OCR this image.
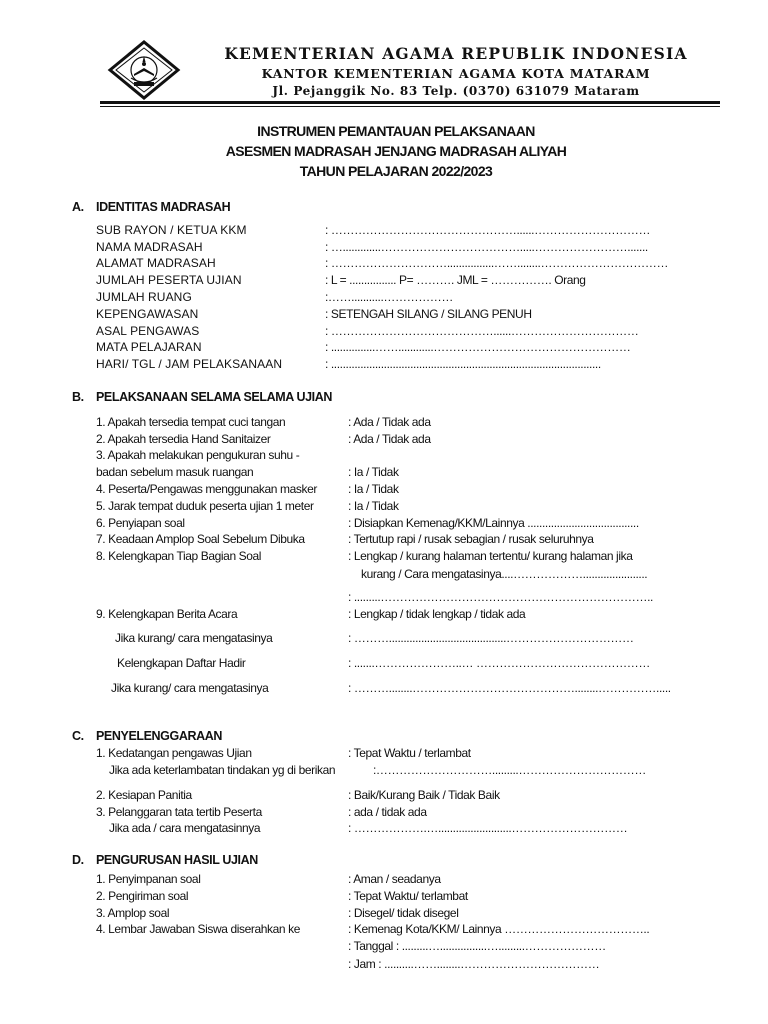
KEMENTERIAN AGAMA REPUBLIK INDONESIA
KANTOR KEMENTERIAN AGAMA KOTA MATARAM
Jl. Pejanggik No. 83 Telp. (0370) 631079 Mataram
INSTRUMEN PEMANTAUAN PELAKSANAAN
ASESMEN MADRASAH JENJANG MADRASAH ALIYAH
TAHUN PELAJARAN 2022/2023
A. IDENTITAS MADRASAH
SUB RAYON / KETUA KKM	: …………………………………………......…………………………
NAMA MADRASAH	: ….............……………………………….....…………………….......
ALAMAT MADRASAH	: …………………………................……........……………………………
JUMLAH PESERTA UJIAN	: L = ................ P= ………. JML = ……………. Orang
JUMLAH RUANG	:……...........………………
KEPENGAWASAN	: SETENGAH SILANG / SILANG PENUH
ASAL PENGAWAS	: ……………………………………......……………………………
MATA PELAJARAN	: ...............……............……………………………………………
HARI/ TGL / JAM PELAKSANAAN	: ............................................................................................
B. PELAKSANAAN SELAMA SELAMA UJIAN
1. Apakah tersedia tempat cuci tangan	: Ada / Tidak ada
2. Apakah tersedia Hand Sanitaizer	: Ada / Tidak ada
3. Apakah melakukan pengukuran suhu -
badan sebelum masuk ruangan	: Ia / Tidak
4. Peserta/Pengawas menggunakan masker	: Ia / Tidak
5. Jarak tempat duduk peserta ujian 1 meter	: Ia / Tidak
6. Penyiapan soal	: Disiapkan Kemenag/KKM/Lainnya ......................................
7. Keadaan Amplop Soal Sebelum Dibuka	: Tertutup rapi / rusak sebagian / rusak seluruhnya
8. Kelengkapan Tiap Bagian Soal	: Lengkap / kurang halaman tertentu/ kurang halaman jika
kurang / Cara mengatasinya....………………......................
: .........……………………………………………………………..
9. Kelengkapan Berita Acara	: Lengkap / tidak lengkap / tidak ada
Jika kurang/ cara mengatasinya	: ………........................................……………………………
Kelengkapan Daftar Hadir	: .......…………………..… ………………………………………
Jika kurang/ cara mengatasinya	: ………........……………………………………........…………….....
C. PENYELENGGARAAN
1. Kedatangan pengawas Ujian	: Tepat Waktu / terlambat
Jika ada keterlambatan tindakan yg di berikan	:………………………….........……………………………
2. Kesiapan Panitia	: Baik/Kurang Baik / Tidak Baik
3. Pelanggaran tata tertib Peserta	: ada / tidak ada
Jika ada / cara mengatasinnya	: ……………….….........................…………………………
D. PENGURUSAN HASIL UJIAN
1. Penyimpanan soal	: Aman / seadanya
2. Pengiriman soal	: Tepat Waktu/ terlambat
3. Amplop soal	: Disegel/ tidak disegel
4. Lembar Jawaban Siswa diserahkan ke	: Kemenag Kota/KKM/ Lainnya ………………………………..
: Tanggal : .........…................….........…………………
: Jam : ..........……........………………………………
